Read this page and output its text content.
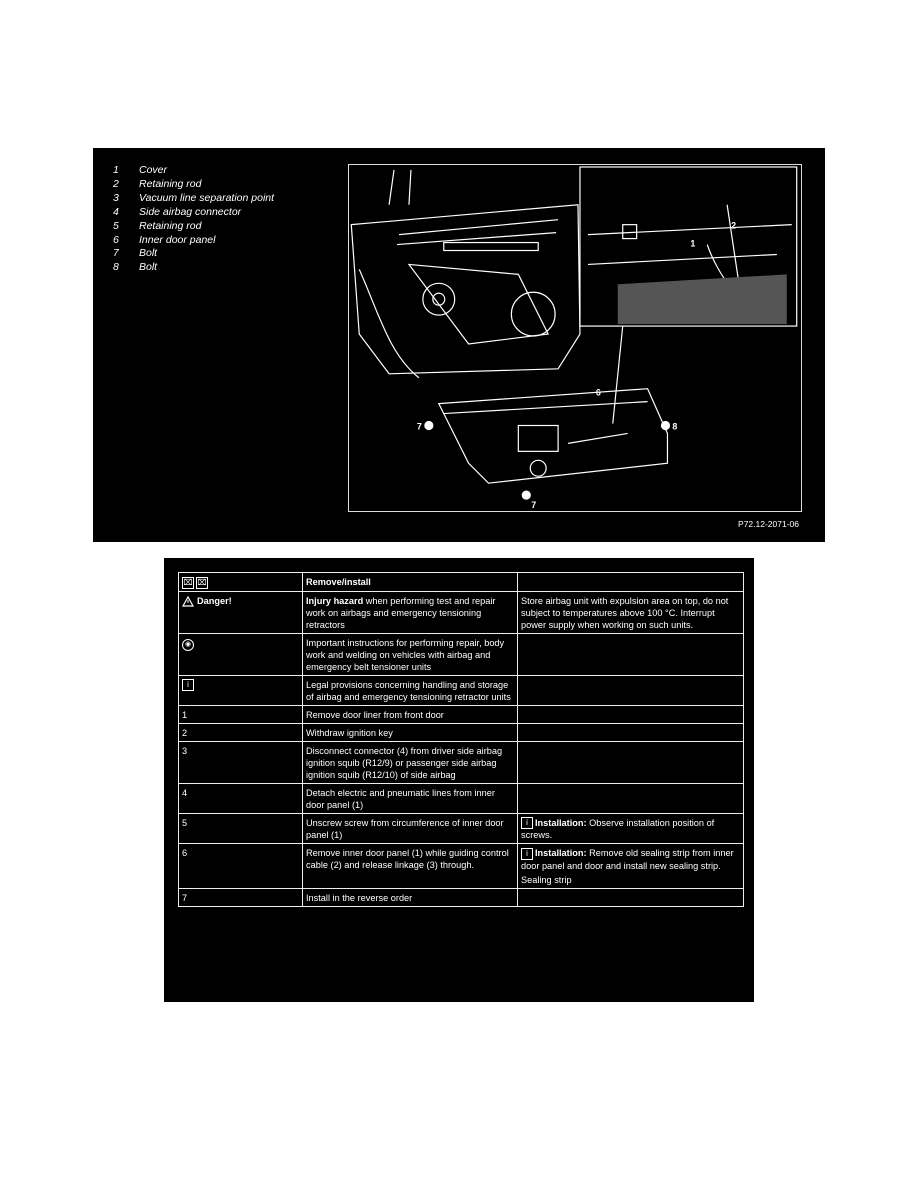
1	Cover
2	Retaining rod
3	Vacuum line separation point
4	Side airbag connector
5	Retaining rod
6	Inner door panel
7	Bolt
8	Bolt
1
2
6
7
7
8
P72.12-2071-06
⌧ ⌧	Remove/install	
Danger!	Injury hazard when performing test and repair work on airbags and emergency tensioning retractors	Store airbag unit with expulsion area on top, do not subject to temperatures above 100 °C. Interrupt power supply when working on such units.
◉	Important instructions for performing repair, body work and welding on vehicles with airbag and emergency belt tensioner units	
i	Legal provisions concerning handling and storage of airbag and emergency tensioning retractor units	
1	Remove door liner from front door	
2	Withdraw ignition key	
3	Disconnect connector (4) from driver side airbag ignition squib (R12/9) or passenger side airbag ignition squib (R12/10) of side airbag	
4	Detach electric and pneumatic lines from inner door panel (1)	
5	Unscrew screw from circumference of inner door panel (1)	i Installation: Observe installation position of screws.
6	Remove inner door panel (1) while guiding control cable (2) and release linkage (3) through.	i Installation: Remove old sealing strip from inner door panel and door and install new sealing strip.
Sealing strip

7	Install in the reverse order	
